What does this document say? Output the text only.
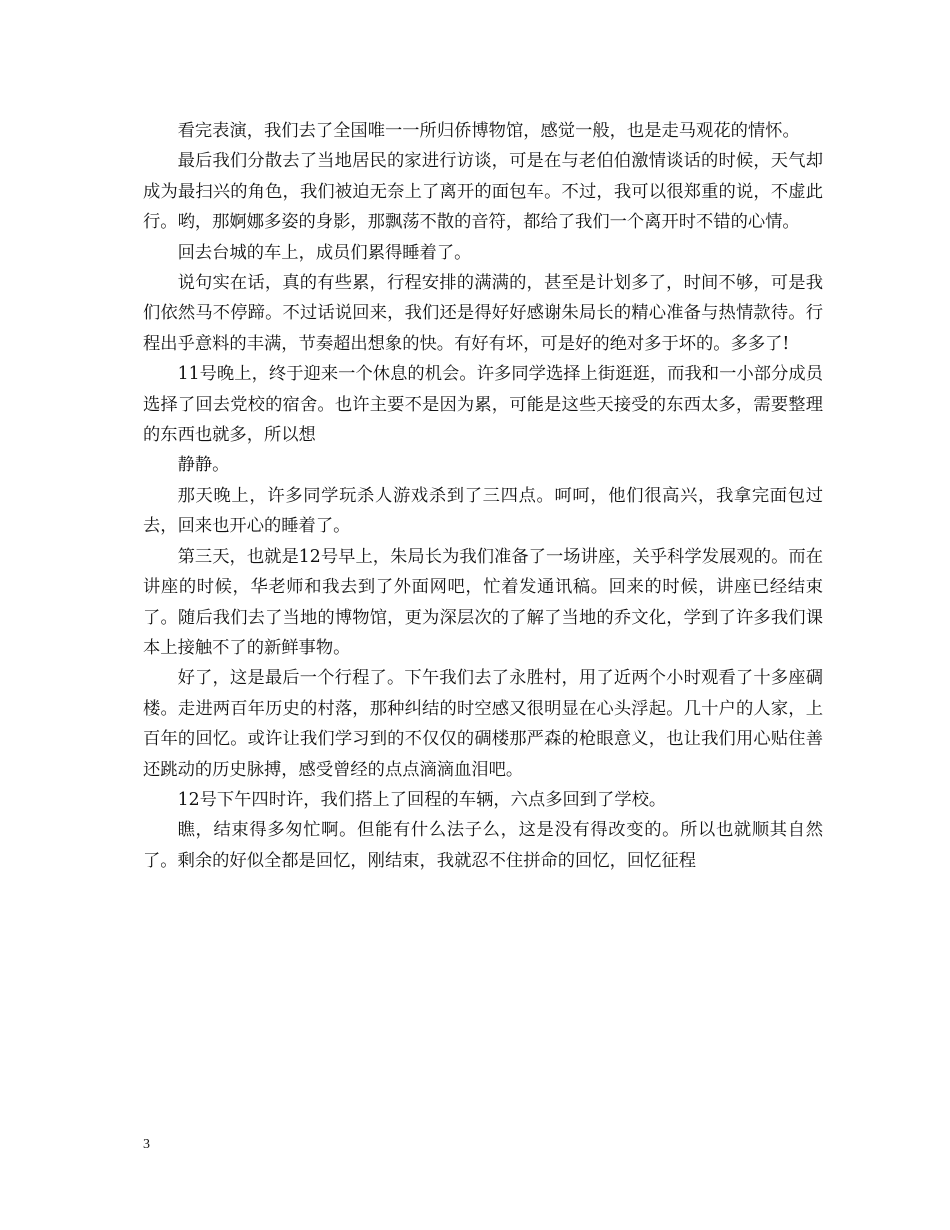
看完表演，我们去了全国唯一一所归侨博物馆，感觉一般，也是走马观花的情怀。

最后我们分散去了当地居民的家进行访谈，可是在与老伯伯激情谈话的时候，天气却成为最扫兴的角色，我们被迫无奈上了离开的面包车。不过，我可以很郑重的说，不虚此行。哟，那婀娜多姿的身影，那飘荡不散的音符，都给了我们一个离开时不错的心情。

回去台城的车上，成员们累得睡着了。

说句实在话，真的有些累，行程安排的满满的，甚至是计划多了，时间不够，可是我们依然马不停蹄。不过话说回来，我们还是得好好感谢朱局长的精心准备与热情款待。行程出乎意料的丰满，节奏超出想象的快。有好有坏，可是好的绝对多于坏的。多多了!

11号晚上，终于迎来一个休息的机会。许多同学选择上街逛逛，而我和一小部分成员选择了回去党校的宿舍。也许主要不是因为累，可能是这些天接受的东西太多，需要整理的东西也就多，所以想

静静。

那天晚上，许多同学玩杀人游戏杀到了三四点。呵呵，他们很高兴，我拿完面包过去，回来也开心的睡着了。

第三天，也就是12号早上，朱局长为我们准备了一场讲座，关乎科学发展观的。而在讲座的时候，华老师和我去到了外面网吧，忙着发通讯稿。回来的时候，讲座已经结束了。随后我们去了当地的博物馆，更为深层次的了解了当地的乔文化，学到了许多我们课本上接触不了的新鲜事物。

好了，这是最后一个行程了。下午我们去了永胜村，用了近两个小时观看了十多座碉楼。走进两百年历史的村落，那种纠结的时空感又很明显在心头浮起。几十户的人家，上百年的回忆。或许让我们学习到的不仅仅的碉楼那严森的枪眼意义，也让我们用心贴住善还跳动的历史脉搏，感受曾经的点点滴滴血泪吧。

12号下午四时许，我们搭上了回程的车辆，六点多回到了学校。

瞧，结束得多匆忙啊。但能有什么法子么，这是没有得改变的。所以也就顺其自然了。剩余的好似全都是回忆，刚结束，我就忍不住拼命的回忆，回忆征程

3
